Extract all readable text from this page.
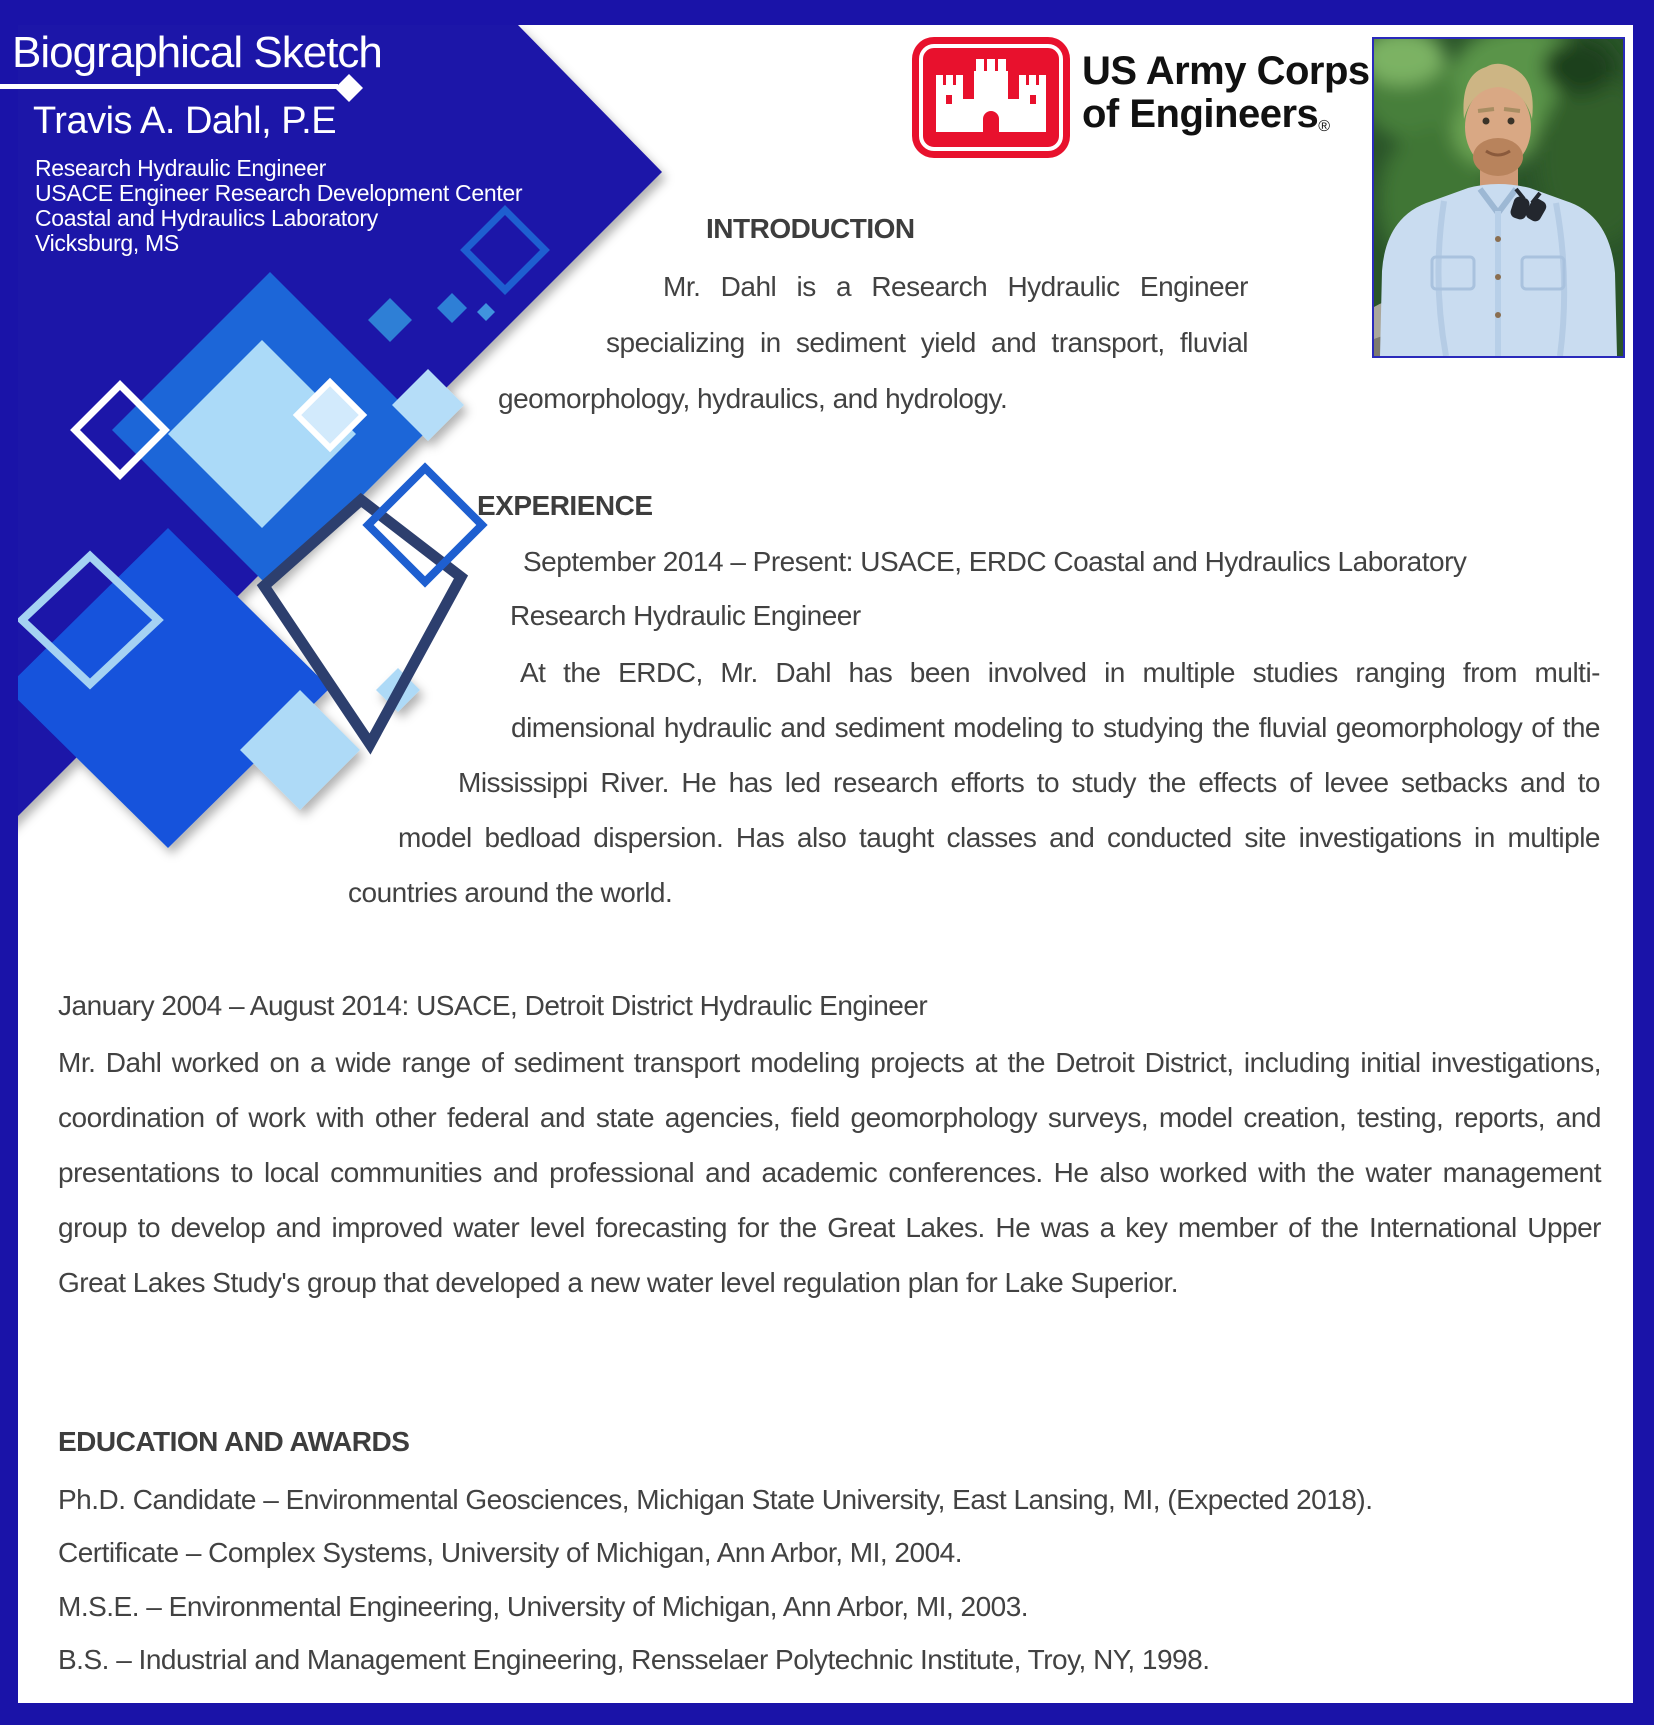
Biographical Sketch
Travis A. Dahl, P.E
Research Hydraulic Engineer
USACE Engineer Research Development Center
Coastal and Hydraulics Laboratory
Vicksburg, MS
US Army Corps
of Engineers®
INTRODUCTION
Mr. Dahl is a Research Hydraulic Engineer specializing in sediment yield and transport, fluvial geomorphology, hydraulics, and hydrology.
EXPERIENCE
September 2014 – Present: USACE, ERDC Coastal and Hydraulics Laboratory
Research Hydraulic Engineer
At the ERDC, Mr. Dahl has been involved in multiple studies ranging from multi-dimensional hydraulic and sediment modeling to studying the fluvial geomorphology of the Mississippi River. He has led research efforts to study the effects of levee setbacks and to model bedload dispersion. Has also taught classes and conducted site investigations in multiple countries around the world.
January 2004 – August 2014: USACE, Detroit District Hydraulic Engineer
Mr. Dahl worked on a wide range of sediment transport modeling projects at the Detroit District, including initial investigations, coordination of work with other federal and state agencies, field geomorphology surveys, model creation, testing, reports, and presentations to local communities and professional and academic conferences. He also worked with the water management group to develop and improved water level forecasting for the Great Lakes. He was a key member of the International Upper Great Lakes Study's group that developed a new water level regulation plan for Lake Superior.
EDUCATION AND AWARDS
Ph.D. Candidate – Environmental Geosciences, Michigan State University, East Lansing, MI, (Expected 2018).
Certificate – Complex Systems, University of Michigan, Ann Arbor, MI, 2004.
M.S.E. – Environmental Engineering, University of Michigan, Ann Arbor, MI, 2003.
B.S. – Industrial and Management Engineering, Rensselaer Polytechnic Institute, Troy, NY, 1998.
